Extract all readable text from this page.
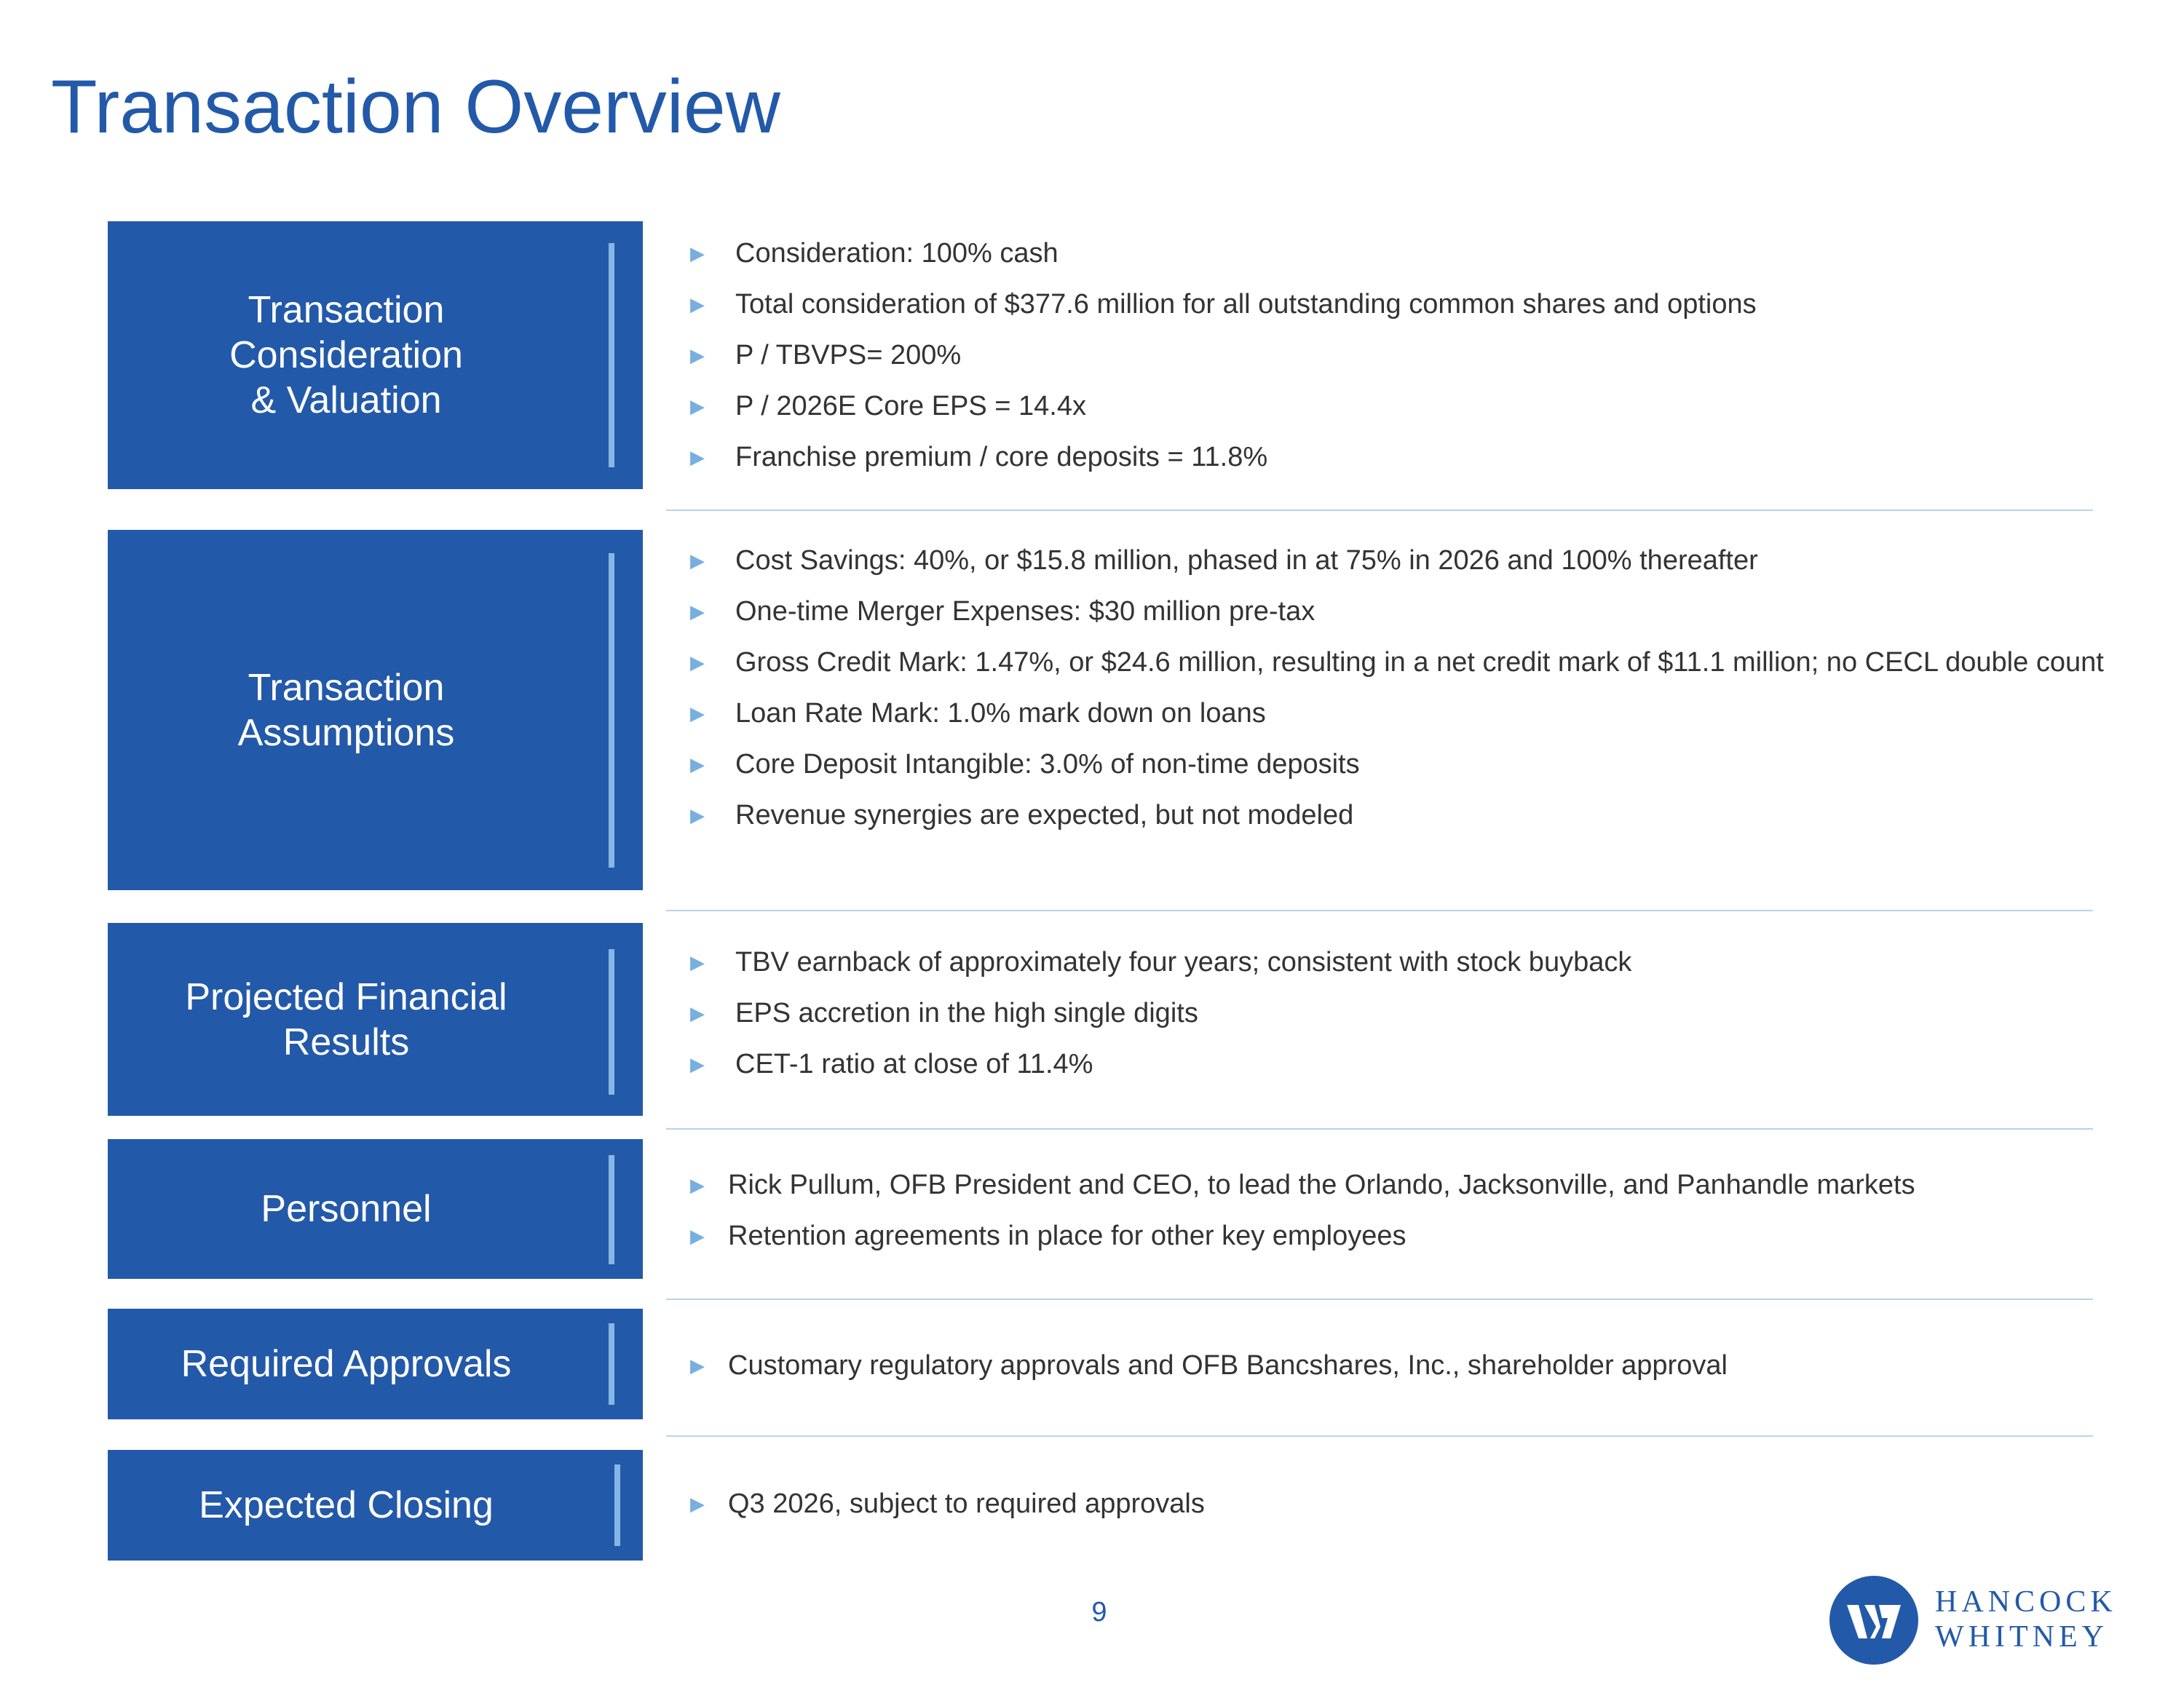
Transaction Overview
Transaction
Consideration
& Valuation
▶ Consideration: 100% cash
▶ Total consideration of $377.6 million for all outstanding common shares and options
▶ P / TBVPS= 200%
▶ P / 2026E Core EPS = 14.4x
▶ Franchise premium / core deposits = 11.8%
Transaction
Assumptions
▶ Cost Savings: 40%, or $15.8 million, phased in at 75% in 2026 and 100% thereafter
▶ One-time Merger Expenses: $30 million pre-tax
▶ Gross Credit Mark: 1.47%, or $24.6 million, resulting in a net credit mark of $11.1 million; no CECL double count
▶ Loan Rate Mark: 1.0% mark down on loans
▶ Core Deposit Intangible: 3.0% of non-time deposits
▶ Revenue synergies are expected, but not modeled
Projected Financial
Results
▶ TBV earnback of approximately four years; consistent with stock buyback
▶ EPS accretion in the high single digits
▶ CET-1 ratio at close of 11.4%
Personnel
▶ Rick Pullum, OFB President and CEO, to lead the Orlando, Jacksonville, and Panhandle markets
▶ Retention agreements in place for other key employees
Required Approvals	▶ Customary regulatory approvals and OFB Bancshares, Inc., shareholder approval
Expected Closing	▶ Q3 2026, subject to required approvals
9	HANCOCK
WHITNEY
